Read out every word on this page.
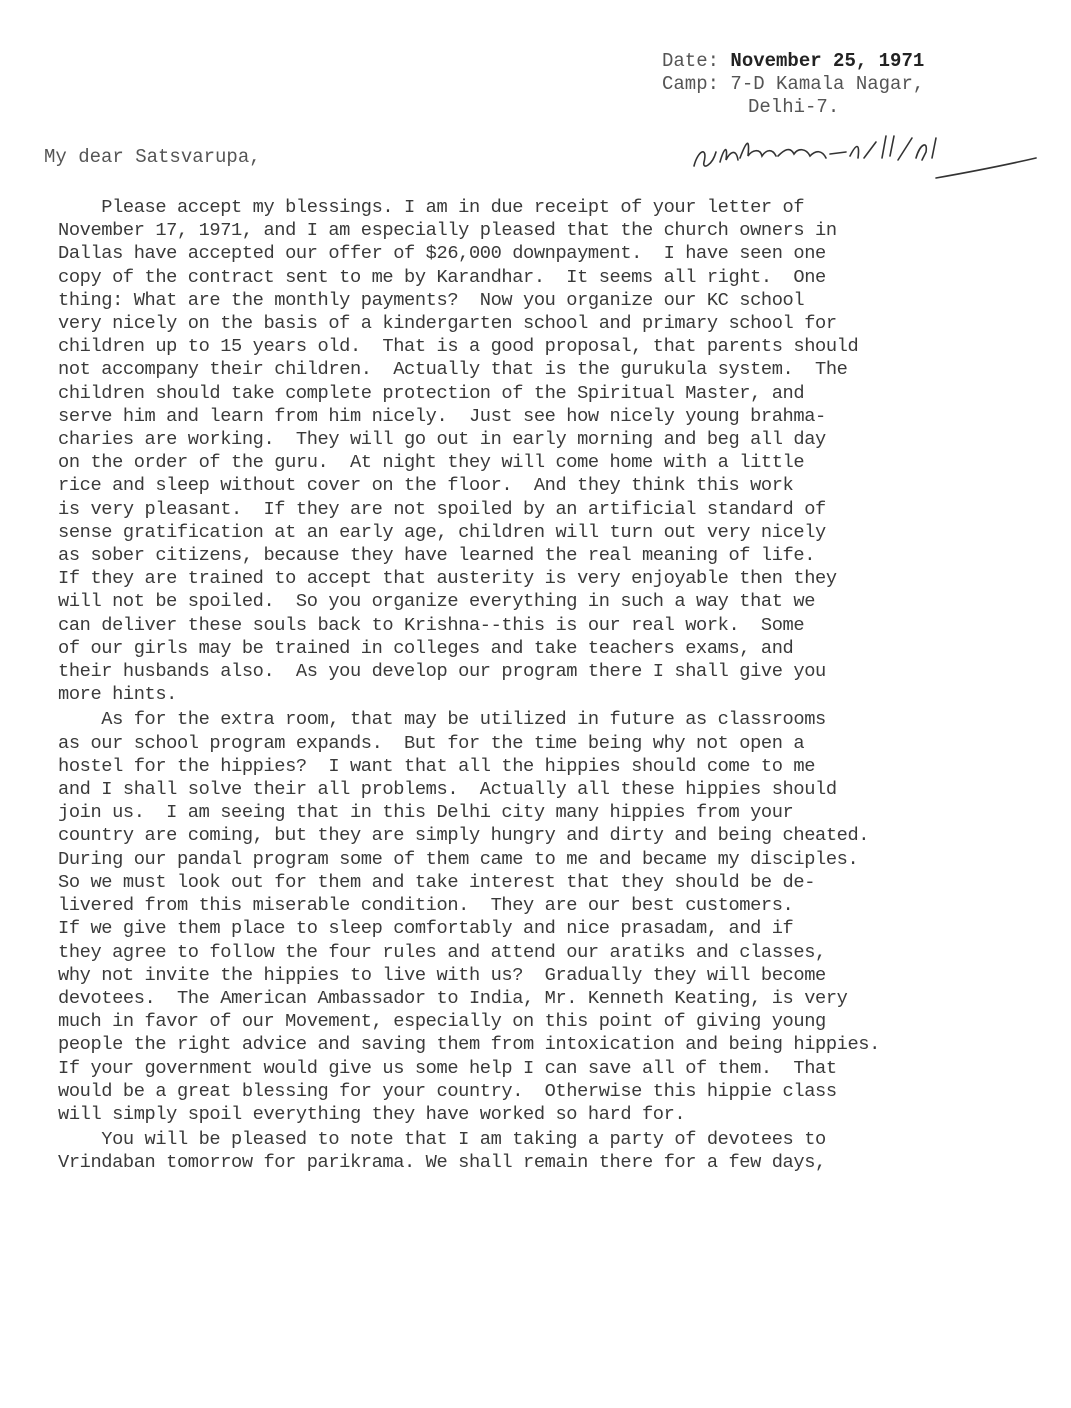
Date: November 25, 1971
Camp: 7-D Kamala Nagar,
Delhi-7.
My dear Satsvarupa,
Please accept my blessings. I am in due receipt of your letter of
November 17, 1971, and I am especially pleased that the church owners in
Dallas have accepted our offer of $26,000 downpayment.  I have seen one
copy of the contract sent to me by Karandhar.  It seems all right.  One
thing: What are the monthly payments?  Now you organize our KC school
very nicely on the basis of a kindergarten school and primary school for
children up to 15 years old.  That is a good proposal, that parents should
not accompany their children.  Actually that is the gurukula system.  The
children should take complete protection of the Spiritual Master, and
serve him and learn from him nicely.  Just see how nicely young brahma-
charies are working.  They will go out in early morning and beg all day
on the order of the guru.  At night they will come home with a little
rice and sleep without cover on the floor.  And they think this work
is very pleasant.  If they are not spoiled by an artificial standard of
sense gratification at an early age, children will turn out very nicely
as sober citizens, because they have learned the real meaning of life.
If they are trained to accept that austerity is very enjoyable then they
will not be spoiled.  So you organize everything in such a way that we
can deliver these souls back to Krishna--this is our real work.  Some
of our girls may be trained in colleges and take teachers exams, and
their husbands also.  As you develop our program there I shall give you
more hints.
As for the extra room, that may be utilized in future as classrooms
as our school program expands.  But for the time being why not open a
hostel for the hippies?  I want that all the hippies should come to me
and I shall solve their all problems.  Actually all these hippies should
join us.  I am seeing that in this Delhi city many hippies from your
country are coming, but they are simply hungry and dirty and being cheated.
During our pandal program some of them came to me and became my disciples.
So we must look out for them and take interest that they should be de-
livered from this miserable condition.  They are our best customers.
If we give them place to sleep comfortably and nice prasadam, and if
they agree to follow the four rules and attend our aratiks and classes,
why not invite the hippies to live with us?  Gradually they will become
devotees.  The American Ambassador to India, Mr. Kenneth Keating, is very
much in favor of our Movement, especially on this point of giving young
people the right advice and saving them from intoxication and being hippies.
If your government would give us some help I can save all of them.  That
would be a great blessing for your country.  Otherwise this hippie class
will simply spoil everything they have worked so hard for.
You will be pleased to note that I am taking a party of devotees to
Vrindaban tomorrow for parikrama. We shall remain there for a few days,
